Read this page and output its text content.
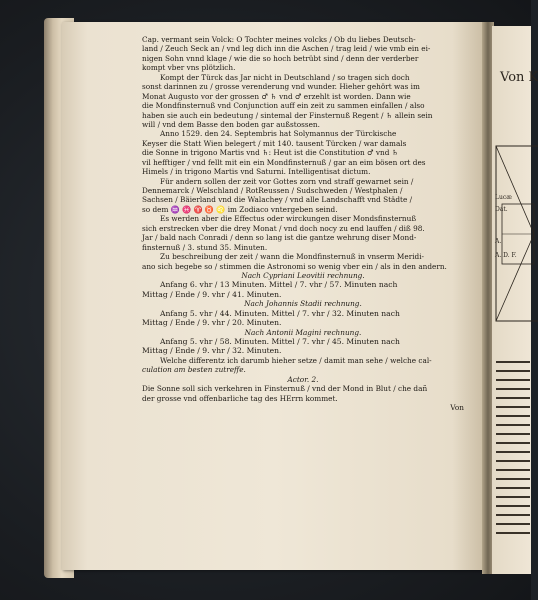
Von K
Lucæ
Dat.
A.
A. D. F.
Cap. vermant sein Volck: O Tochter meines volcks / Ob du liebes Deutsch-
land / Zeuch Seck an / vnd leg dich inn die Aschen / trag leid / wie vmb ein ei-
nigen Sohn vnnd klage / wie die so hoch betrübt sind / denn der verderber
kompt vber vns plötzlich.
Kompt der Türck das Jar nicht in Deutschland / so tragen sich doch
sonst darinnen zu / grosse verenderung vnd wunder. Hieher gehört was im
Monat Augusto vor der grossen ♂ ♄ vnd ♂ erzehlt ist worden. Dann wie
die Mondfinsternuß vnd Conjunction auff ein zeit zu sammen einfallen / also
haben sie auch ein bedeutung / sintemal der Finsternuß Regent / ♄ allein sein
will / vnd dem Basse den boden gar außstossen.
Anno 1529. den 24. Septembris hat Solymannus der Türckische
Keyser die Statt Wien belegert / mit 140. tausent Türcken / war damals
die Sonne in trigono Martis vnd ♄: Heut ist die Constitution ♂ vnd ♄
vil hefftiger / vnd fellt mit ein ein Mondfinsternuß / gar an eim bösen ort des
Himels / in trigono Martis vnd Saturni. Intelligentisat dictum.
Für andern sollen der zeit vor Gottes zorn vnd straff gewarnet sein /
Dennemarck / Welschland / RotReussen / Sudschweden / Westphalen /
Sachsen / Bäierland vnd die Walachey / vnd alle Landschafft vnd Städte /
so dem ♒ ♓ ♈ ♉ ♌ im Zodiaco vntergeben seind.
Es werden aber die Effectus oder wirckungen diser Mondsfinsternuß
sich erstrecken vber die drey Monat / vnd doch nocy zu end lauffen / diß 98.
Jar / bald nach Conradi / denn so lang ist die gantze wehrung diser Mond-
finsternuß / 3. stund 35. Minuten.
Zu beschreibung der zeit / wann die Mondfinsternuß in vnserm Meridi-
ano sich begebe so / stimmen die Astronomi so wenig vber ein / als in den andern.
Nach Cypriani Leovitii rechnung.
Anfang 6. vhr / 13 Minuten. Mittel / 7. vhr / 57. Minuten nach
Mittag / Ende / 9. vhr / 41. Minuten.
Nach Johannis Stadii rechnung.
Anfang 5. vhr / 44. Minuten. Mittel / 7. vhr / 32. Minuten nach
Mittag / Ende / 9. vhr / 20. Minuten.
Nach Antonii Magini rechnung.
Anfang 5. vhr / 58. Minuten. Mittel / 7. vhr / 45. Minuten nach
Mittag / Ende / 9. vhr / 32. Minuten.
Welche differentz ich darumb hieher setze / damit man sehe / welche cal-
culation am besten zutreffe.
Actor. 2.
Die Sonne soll sich verkehren in Finsternuß / vnd der Mond in Blut / che dañ
der grosse vnd offenbarliche tag des HErrn kommet.
Von
